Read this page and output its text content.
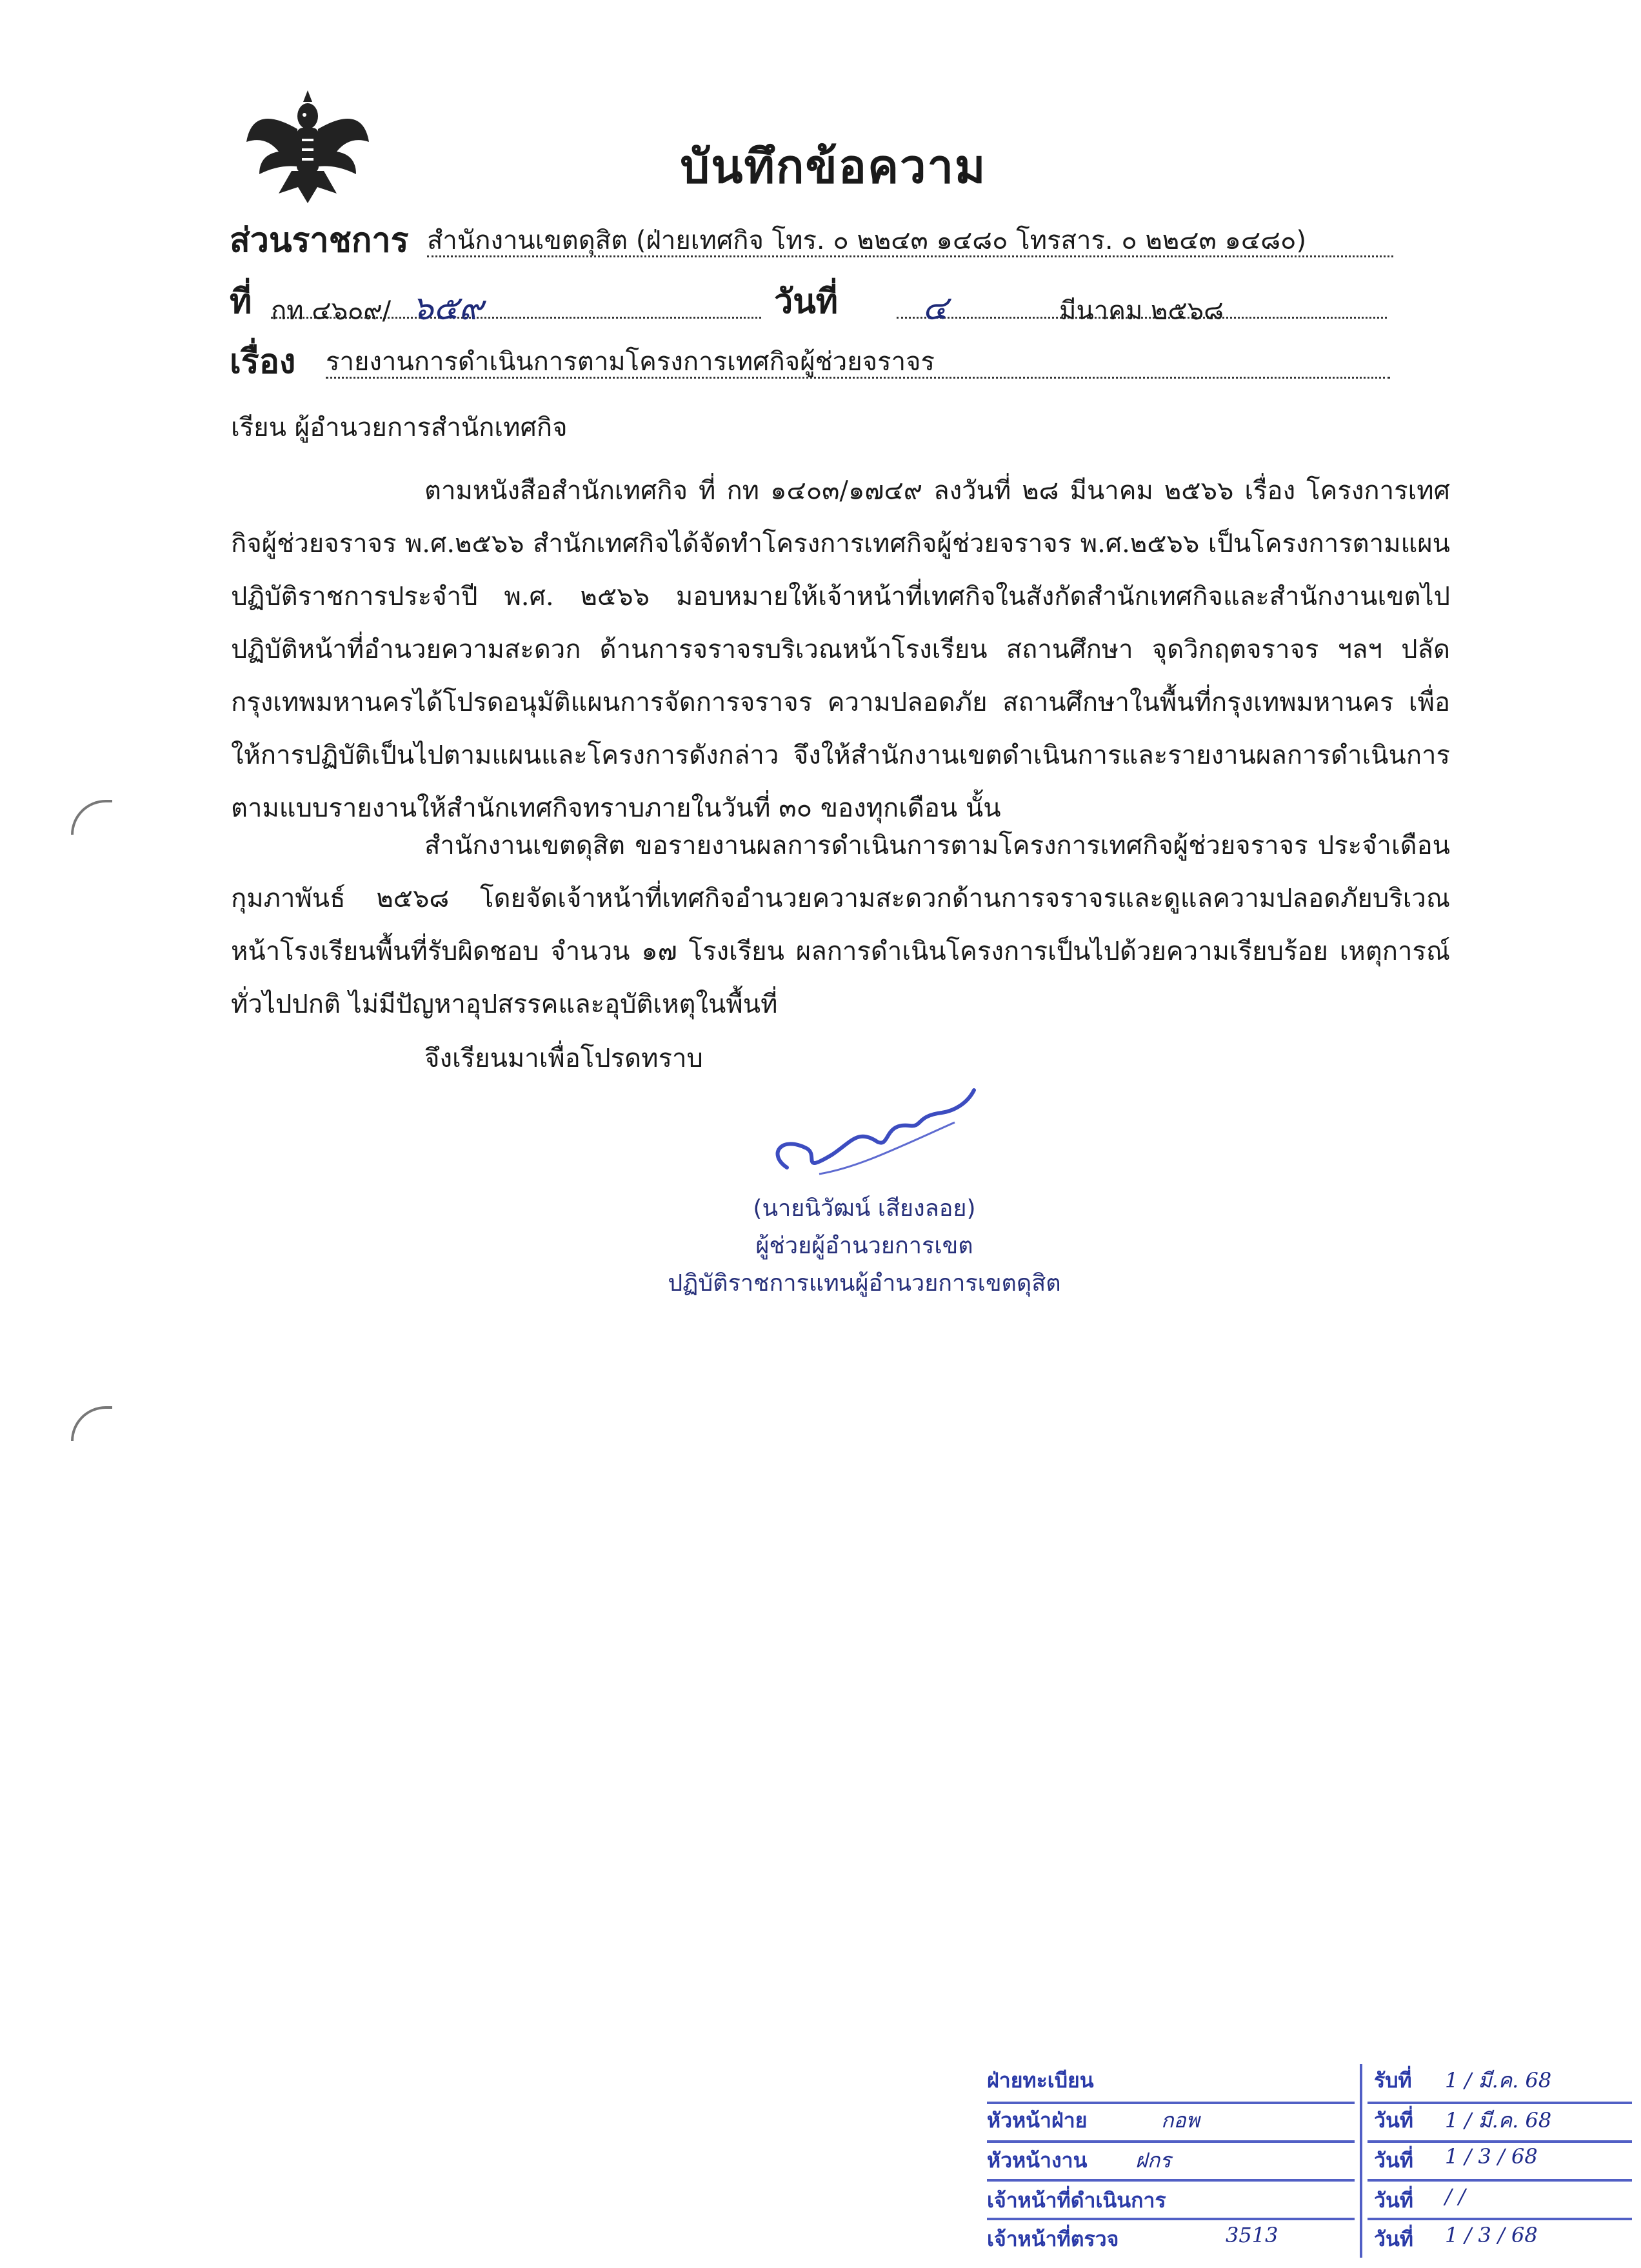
บันทึกข้อความ
ส่วนราชการ สำนักงานเขตดุสิต (ฝ่ายเทศกิจ โทร. ๐ ๒๒๔๓ ๑๔๘๐ โทรสาร. ๐ ๒๒๔๓ ๑๔๘๐)
ที่ กท ๔๖๐๙/ ๖๕๙	วันที่	๔	มีนาคม ๒๕๖๘
เรื่อง รายงานการดำเนินการตามโครงการเทศกิจผู้ช่วยจราจร
เรียน ผู้อำนวยการสำนักเทศกิจ

ตามหนังสือสำนักเทศกิจ ที่ กท ๑๔๐๓/๑๗๔๙ ลงวันที่ ๒๘ มีนาคม ๒๕๖๖ เรื่อง โครงการเทศกิจผู้ช่วยจราจร พ.ศ.๒๕๖๖ สำนักเทศกิจได้จัดทำโครงการเทศกิจผู้ช่วยจราจร พ.ศ.๒๕๖๖ เป็นโครงการตามแผนปฏิบัติราชการประจำปี พ.ศ. ๒๕๖๖ มอบหมายให้เจ้าหน้าที่เทศกิจในสังกัดสำนักเทศกิจและสำนักงานเขตไปปฏิบัติหน้าที่อำนวยความสะดวก ด้านการจราจรบริเวณหน้าโรงเรียน สถานศึกษา จุดวิกฤตจราจร ฯลฯ ปลัดกรุงเทพมหานครได้โปรดอนุมัติแผนการจัดการจราจร ความปลอดภัย สถานศึกษาในพื้นที่กรุงเทพมหานคร เพื่อให้การปฏิบัติเป็นไปตามแผนและโครงการดังกล่าว จึงให้สำนักงานเขตดำเนินการและรายงานผลการดำเนินการตามแบบรายงานให้สำนักเทศกิจทราบภายในวันที่ ๓๐ ของทุกเดือน นั้น

สำนักงานเขตดุสิต ขอรายงานผลการดำเนินการตามโครงการเทศกิจผู้ช่วยจราจร ประจำเดือน กุมภาพันธ์ ๒๕๖๘ โดยจัดเจ้าหน้าที่เทศกิจอำนวยความสะดวกด้านการจราจรและดูแลความปลอดภัยบริเวณหน้าโรงเรียนพื้นที่รับผิดชอบ จำนวน ๑๗ โรงเรียน ผลการดำเนินโครงการเป็นไปด้วยความเรียบร้อย เหตุการณ์ทั่วไปปกติ ไม่มีปัญหาอุปสรรคและอุบัติเหตุในพื้นที่

จึงเรียนมาเพื่อโปรดทราบ

(นายนิวัฒน์ เสียงลอย)
ผู้ช่วยผู้อำนวยการเขต
ปฏิบัติราชการแทนผู้อำนวยการเขตดุสิต
ฝ่ายทะเบียน	รับที่ 1 / มี.ค. 68
หัวหน้าฝ่าย	กอพ	วันที่ 1 / มี.ค. 68
หัวหน้างาน ฝกร	วันที่ 1 / 3 / 68
เจ้าหน้าที่ดำเนินการ	วันที่ / /
เจ้าหน้าที่ตรวจ	3513	วันที่ 1 / 3 / 68
